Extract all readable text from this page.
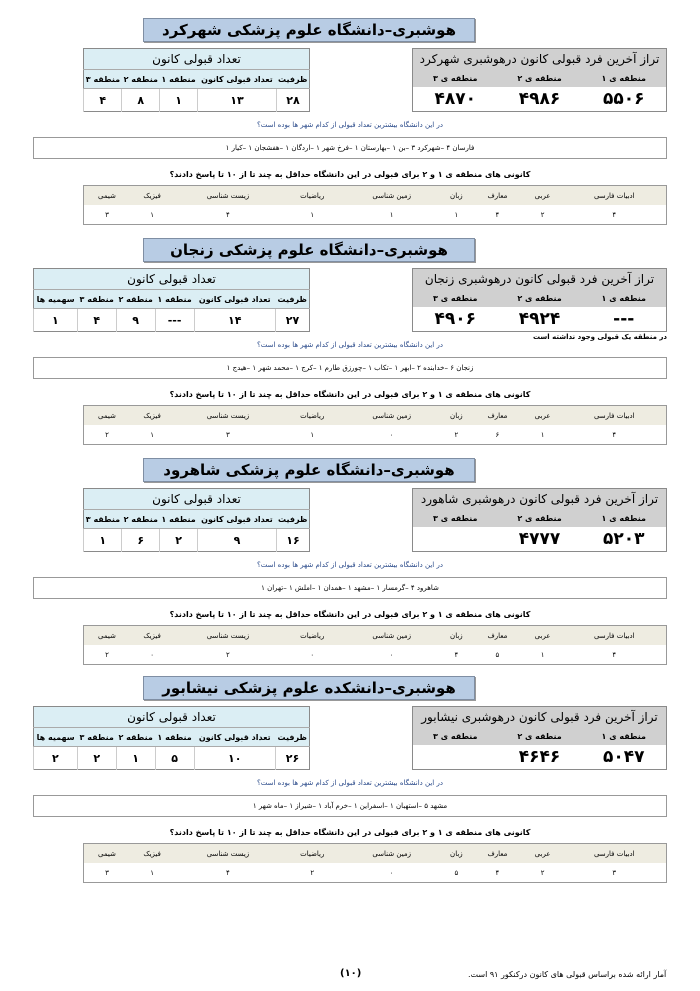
آمار ارائه شده براساس قبولی های کانون درکنکور ۹۱ است.
(۱۰)
هوشبری–دانشگاه علوم پزشکی شهرکرد
تعداد قبولی کانون				
ظرفیت	تعداد قبولی کانون	منطقه ۱	منطقه ۲	منطقه ۳
۲۸	۱۳	۱	۸	۴
تراز آخرین فرد قبولی کانون درهوشبری شهرکرد		
منطقه ی ۱	منطقه ی ۲	منطقه ی ۳
۵۵۰۶	۴۹۸۶	۴۸۷۰
در این دانشگاه بیشترین تعداد قبولی از کدام شهر ها بوده است؟
فارسان ۴ –شهرکرد ۳ –بن ۱ –بهارستان ۱ –فرخ شهر ۱ –اردگان ۱ –هفشجان ۱ –کیار ۱
کانونی های منطقه ی ۱ و ۲ برای قبولی در این دانشگاه حداقل به چند تا از ۱۰ تا پاسخ دادند؟
ادبیات فارسی	عربی	معارف	زبان	زمین شناسی	ریاضیات	زیست شناسی	فیزیک	شیمی
۴	۲	۴	۱	۱	۱	۴	۱	۳
هوشبری–دانشگاه علوم پزشکی زنجان
تعداد قبولی کانون					
ظرفیت	تعداد قبولی کانون	منطقه ۱	منطقه ۲	منطقه ۳	سهمیه ها
۲۷	۱۴	---	۹	۴	۱
تراز آخرین فرد قبولی کانون درهوشبری زنجان		
منطقه ی ۱	منطقه ی ۲	منطقه ی ۳
---	۴۹۲۴	۴۹۰۶
در منطقه یک قبولی وجود نداشته است
در این دانشگاه بیشترین تعداد قبولی از کدام شهر ها بوده است؟
زنجان ۶ –خدابنده ۲ –ابهر ۱ –تکاب ۱ –چورزق طارم ۱ –کرج ۱ –محمد شهر ۱ –هیدج ۱
کانونی های منطقه ی ۱ و ۲ برای قبولی در این دانشگاه حداقل به چند تا از ۱۰ تا پاسخ دادند؟
ادبیات فارسی	عربی	معارف	زبان	زمین شناسی	ریاضیات	زیست شناسی	فیزیک	شیمی
۴	۱	۶	۲	۰	۱	۳	۱	۲
هوشبری–دانشگاه علوم پزشکی شاهرود
تعداد قبولی کانون				
ظرفیت	تعداد قبولی کانون	منطقه ۱	منطقه ۲	منطقه ۳
۱۶	۹	۲	۶	۱
تراز آخرین فرد قبولی کانون درهوشبری شاهورد		
منطقه ی ۱	منطقه ی ۲	منطقه ی ۳
۵۲۰۳	۴۷۷۷	
در این دانشگاه بیشترین تعداد قبولی از کدام شهر ها بوده است؟
شاهرود ۴ –گرمسار ۱ –مشهد ۱ –همدان ۱ –املش ۱ –تهران ۱
کانونی های منطقه ی ۱ و ۲ برای قبولی در این دانشگاه حداقل به چند تا از ۱۰ تا پاسخ دادند؟
ادبیات فارسی	عربی	معارف	زبان	زمین شناسی	ریاضیات	زیست شناسی	فیزیک	شیمی
۴	۱	۵	۴	۰	۰	۲	۰	۲
هوشبری–دانشکده علوم پزشکی نیشابور
تعداد قبولی کانون					
ظرفیت	تعداد قبولی کانون	منطقه ۱	منطقه ۲	منطقه ۳	سهمیه ها
۲۶	۱۰	۵	۱	۲	۲
تراز آخرین فرد قبولی کانون درهوشبری نیشابور		
منطقه ی ۱	منطقه ی ۲	منطقه ی ۳
۵۰۴۷	۴۶۴۶	
در این دانشگاه بیشترین تعداد قبولی از کدام شهر ها بوده است؟
مشهد ۵ –استهبان ۱ –اسفراین ۱ –خرم آباد ۱ –شیراز ۱ –ماه شهر ۱
کانونی های منطقه ی ۱ و ۲ برای قبولی در این دانشگاه حداقل به چند تا از ۱۰ تا پاسخ دادند؟
ادبیات فارسی	عربی	معارف	زبان	زمین شناسی	ریاضیات	زیست شناسی	فیزیک	شیمی
۳	۲	۴	۵	۰	۲	۴	۱	۳
